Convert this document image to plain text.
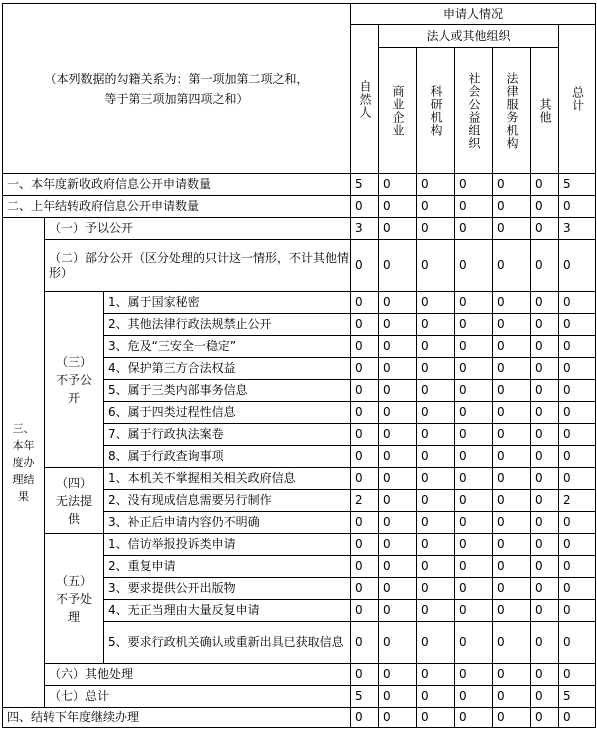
（本列数据的勾籍关系为：第一项加第二项之和，等于第三项加第四项之和）			申请人情况						
			自然人	法人或其他组织					总计
				商业企业	科研机构	社会公益组织	法律服务机构	其他	
一、本年度新收政府信息公开申请数量			5	0	0	0	0	0	5
二、上年结转政府信息公开申请数量			0	0	0	0	0	0	0
三、本年度办理结果	（一）予以公开		3	0	0	0	0	0	3
	（二）部分公开（区分处理的只计这一情形，不计其他情形）		0	0	0	0	0	0	0
	（三）不予公开	1、属于国家秘密	0	0	0	0	0	0	0
		2、其他法律行政法规禁止公开	0	0	0	0	0	0	0
		3、危及“三安全一稳定”	0	0	0	0	0	0	0
		4、保护第三方合法权益	0	0	0	0	0	0	0
		5、属于三类内部事务信息	0	0	0	0	0	0	0
		6、属于四类过程性信息	0	0	0	0	0	0	0
		7、属于行政执法案卷	0	0	0	0	0	0	0
		8、属于行政查询事项	0	0	0	0	0	0	0
	（四）无法提供	1、本机关不掌握相关相关政府信息	0	0	0	0	0	0	0
		2、没有现成信息需要另行制作	2	0	0	0	0	0	2
		3、补正后申请内容仍不明确	0	0	0	0	0	0	0
	（五）不予处理	1、信访举报投诉类申请	0	0	0	0	0	0	0
		2、重复申请	0	0	0	0	0	0	0
		3、要求提供公开出版物	0	0	0	0	0	0	0
		4、无正当理由大量反复申请	0	0	0	0	0	0	0
		5、要求行政机关确认或重新出具已获取信息	0	0	0	0	0	0	0
	（六）其他处理		0	0	0	0	0	0	0
	（七）总计		5	0	0	0	0	0	5
四、结转下年度继续办理			0	0	0	0	0	0	0
